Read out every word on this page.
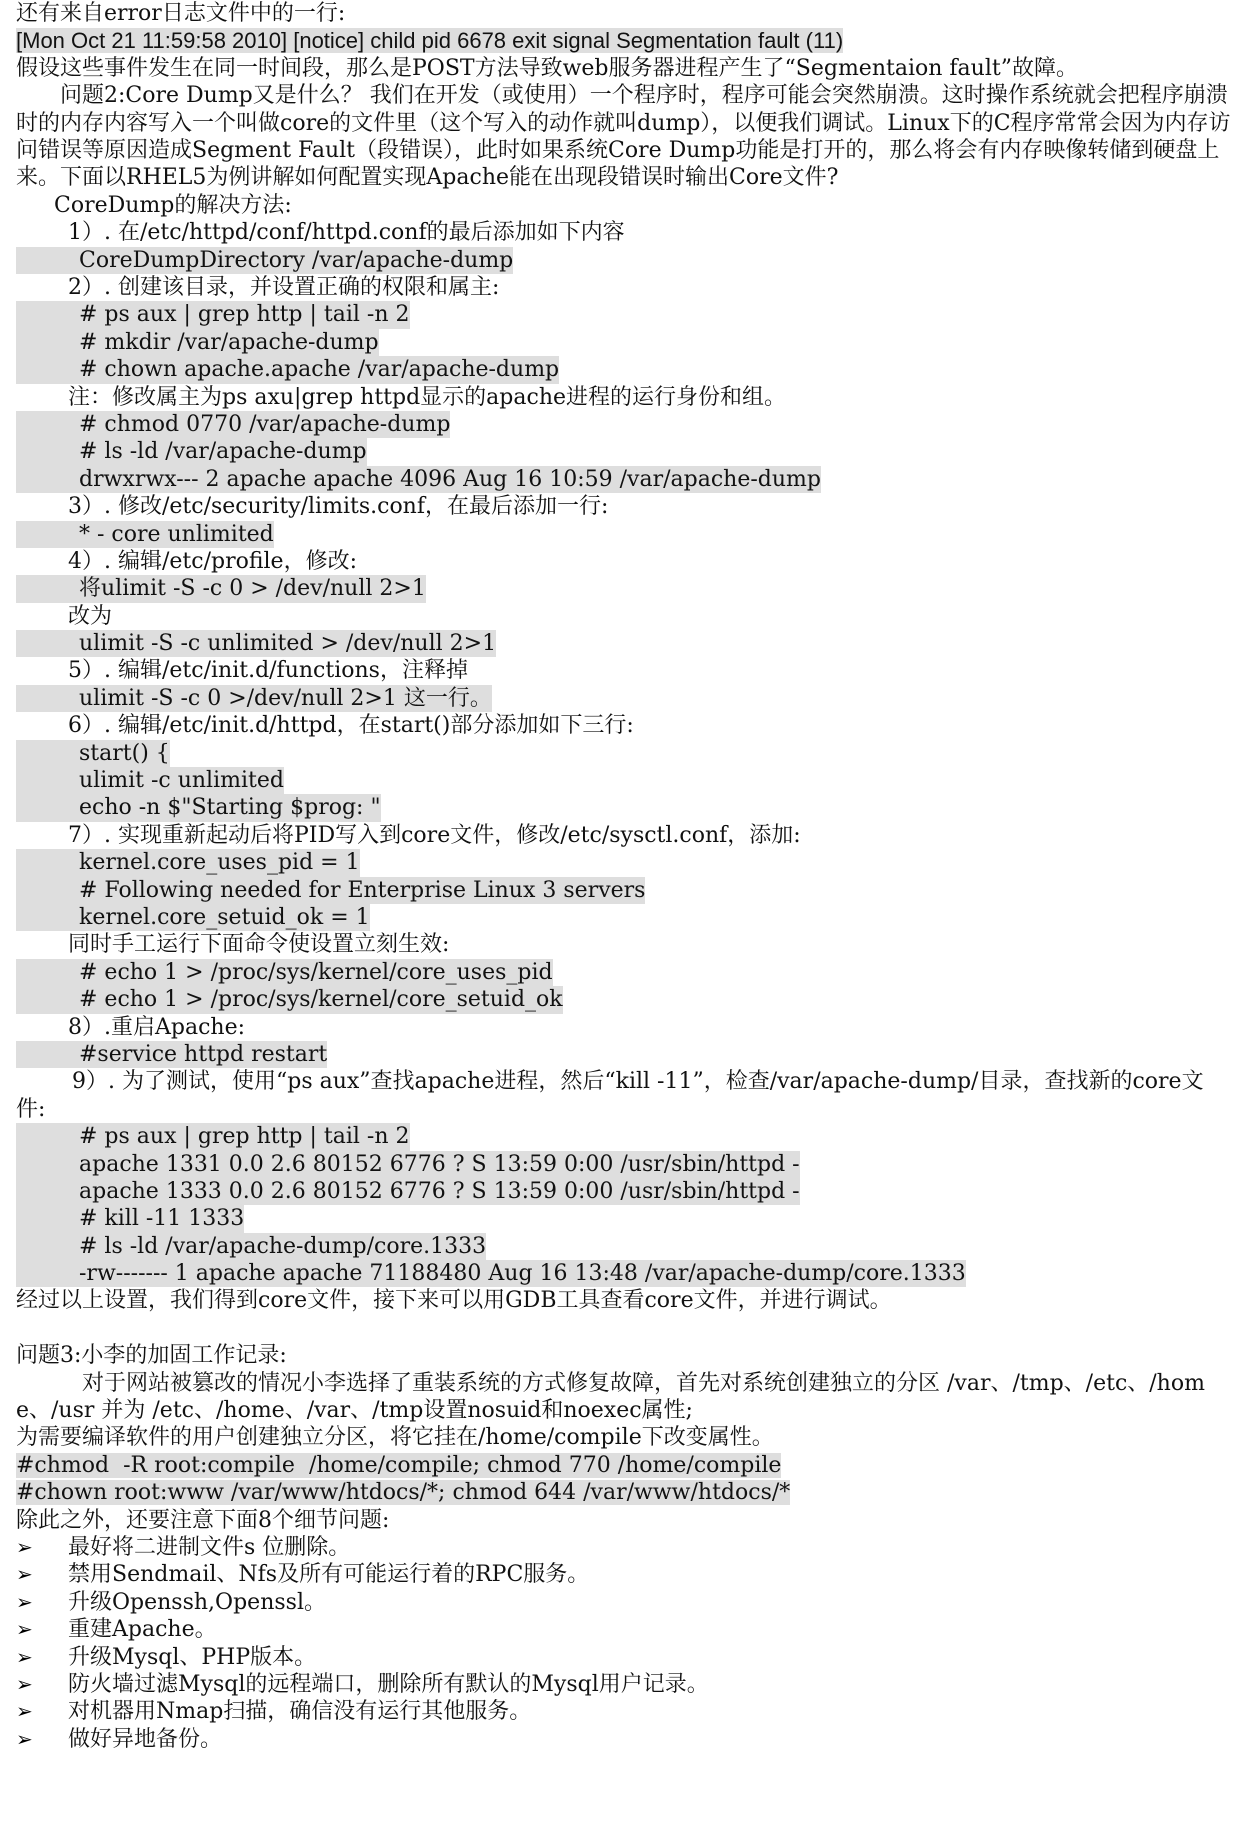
还有来自error日志文件中的一行:
[Mon Oct 21 11:59:58 2010] [notice] child pid 6678 exit signal Segmentation fault (11)
假设这些事件发生在同一时间段，那么是POST方法导致web服务器进程产生了“Segmentaion fault”故障。
　　问题2:Core Dump又是什么？ 我们在开发（或使用）一个程序时，程序可能会突然崩溃。这时操作系统就会把程序崩溃时的内存内容写入一个叫做core的文件里（这个写入的动作就叫dump），以便我们调试。Linux下的C程序常常会因为内存访问错误等原因造成Segment Fault（段错误），此时如果系统Core Dump功能是打开的，那么将会有内存映像转储到硬盘上来。下面以RHEL5为例讲解如何配置实现Apache能在出现段错误时输出Core文件?
CoreDump的解决方法:
1）. 在/etc/httpd/conf/httpd.conf的最后添加如下内容
CoreDumpDirectory /var/apache-dump
2）. 创建该目录，并设置正确的权限和属主:
# ps aux | grep http | tail -n 2
# mkdir /var/apache-dump
# chown apache.apache /var/apache-dump
注：修改属主为ps axu|grep httpd显示的apache进程的运行身份和组。
# chmod 0770 /var/apache-dump
# ls -ld /var/apache-dump
drwxrwx--- 2 apache apache 4096 Aug 16 10:59 /var/apache-dump
3）. 修改/etc/security/limits.conf，在最后添加一行:
* - core unlimited
4）. 编辑/etc/profile，修改:
将ulimit -S -c 0 > /dev/null 2>1
改为
ulimit -S -c unlimited > /dev/null 2>1
5）. 编辑/etc/init.d/functions，注释掉
ulimit -S -c 0 >/dev/null 2>1 这一行。
6）. 编辑/etc/init.d/httpd，在start()部分添加如下三行:
start() {
ulimit -c unlimited
echo -n $"Starting $prog: "
7）. 实现重新起动后将PID写入到core文件，修改/etc/sysctl.conf，添加:
kernel.core_uses_pid = 1
# Following needed for Enterprise Linux 3 servers
kernel.core_setuid_ok = 1
同时手工运行下面命令使设置立刻生效:
# echo 1 > /proc/sys/kernel/core_uses_pid
# echo 1 > /proc/sys/kernel/core_setuid_ok
8）.重启Apache:
#service httpd restart
9）. 为了测试，使用“ps aux”查找apache进程，然后“kill -11”，检查/var/apache-dump/目录，查找新的core文件:
# ps aux | grep http | tail -n 2
apache 1331 0.0 2.6 80152 6776 ? S 13:59 0:00 /usr/sbin/httpd -
apache 1333 0.0 2.6 80152 6776 ? S 13:59 0:00 /usr/sbin/httpd -
# kill -11 1333
# ls -ld /var/apache-dump/core.1333
-rw------- 1 apache apache 71188480 Aug 16 13:48 /var/apache-dump/core.1333
经过以上设置，我们得到core文件，接下来可以用GDB工具查看core文件，并进行调试。
问题3:小李的加固工作记录:
　　　对于网站被篡改的情况小李选择了重装系统的方式修复故障，首先对系统创建独立的分区 /var、/tmp、/etc、/home、/usr 并为 /etc、/home、/var、/tmp设置nosuid和noexec属性;
为需要编译软件的用户创建独立分区，将它挂在/home/compile下改变属性。
#chmod  -R root:compile  /home/compile; chmod 770 /home/compile
#chown root:www /var/www/htdocs/*; chmod 644 /var/www/htdocs/*
除此之外，还要注意下面8个细节问题:
➢	最好将二进制文件s 位删除。
➢	禁用Sendmail、Nfs及所有可能运行着的RPC服务。
➢	升级Openssh,Openssl。
➢	重建Apache。
➢	升级Mysql、PHP版本。
➢	防火墙过滤Mysql的远程端口，删除所有默认的Mysql用户记录。
➢	对机器用Nmap扫描，确信没有运行其他服务。
➢	做好异地备份。
